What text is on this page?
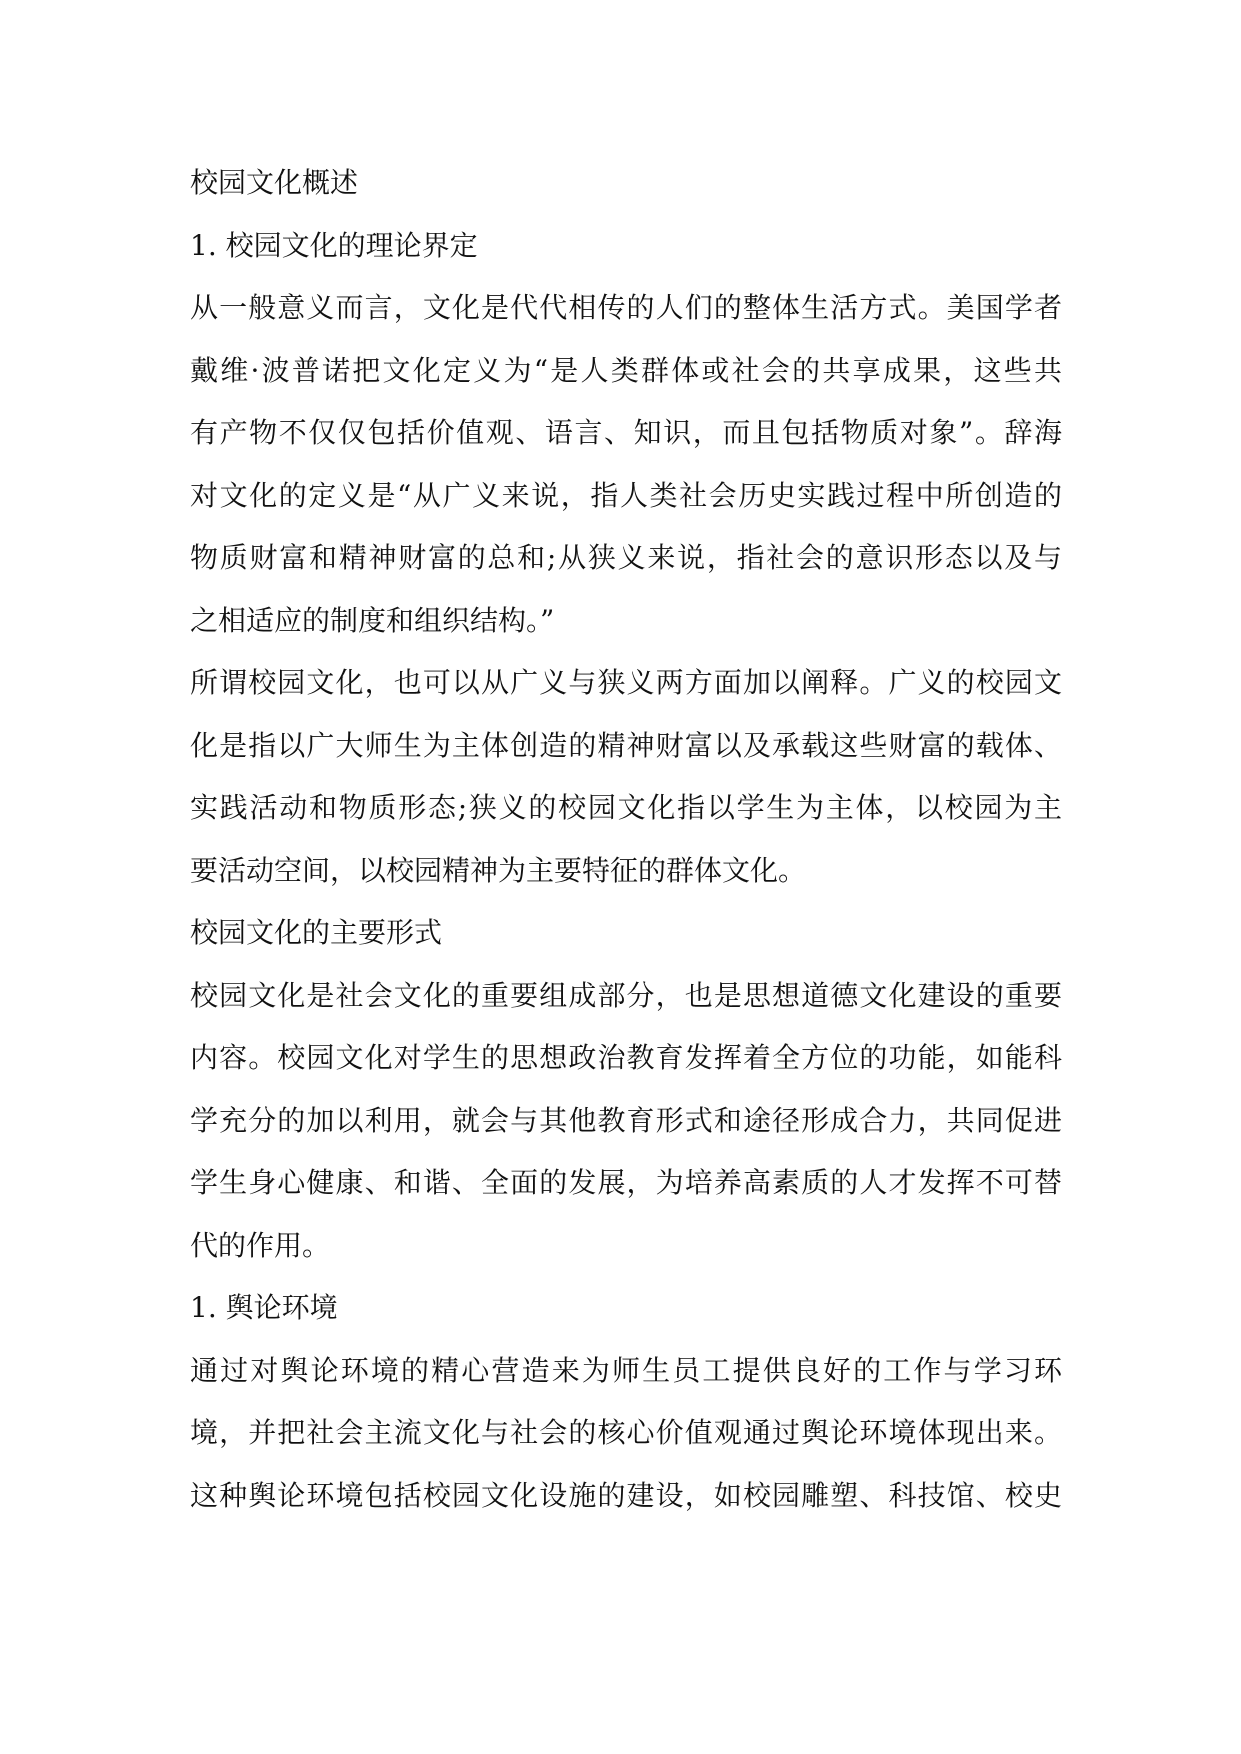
校园文化概述
1. 校园文化的理论界定
从一般意义而言，文化是代代相传的人们的整体生活方式。美国学者
戴维·波普诺把文化定义为“是人类群体或社会的共享成果，这些共
有产物不仅仅包括价值观、语言、知识，而且包括物质对象”。辞海
对文化的定义是“从广义来说，指人类社会历史实践过程中所创造的
物质财富和精神财富的总和;从狭义来说，指社会的意识形态以及与
之相适应的制度和组织结构。”
所谓校园文化，也可以从广义与狭义两方面加以阐释。广义的校园文
化是指以广大师生为主体创造的精神财富以及承载这些财富的载体、
实践活动和物质形态;狭义的校园文化指以学生为主体，以校园为主
要活动空间，以校园精神为主要特征的群体文化。
校园文化的主要形式
校园文化是社会文化的重要组成部分，也是思想道德文化建设的重要
内容。校园文化对学生的思想政治教育发挥着全方位的功能，如能科
学充分的加以利用，就会与其他教育形式和途径形成合力，共同促进
学生身心健康、和谐、全面的发展，为培养高素质的人才发挥不可替
代的作用。
1. 舆论环境
通过对舆论环境的精心营造来为师生员工提供良好的工作与学习环
境，并把社会主流文化与社会的核心价值观通过舆论环境体现出来。
这种舆论环境包括校园文化设施的建设，如校园雕塑、科技馆、校史
